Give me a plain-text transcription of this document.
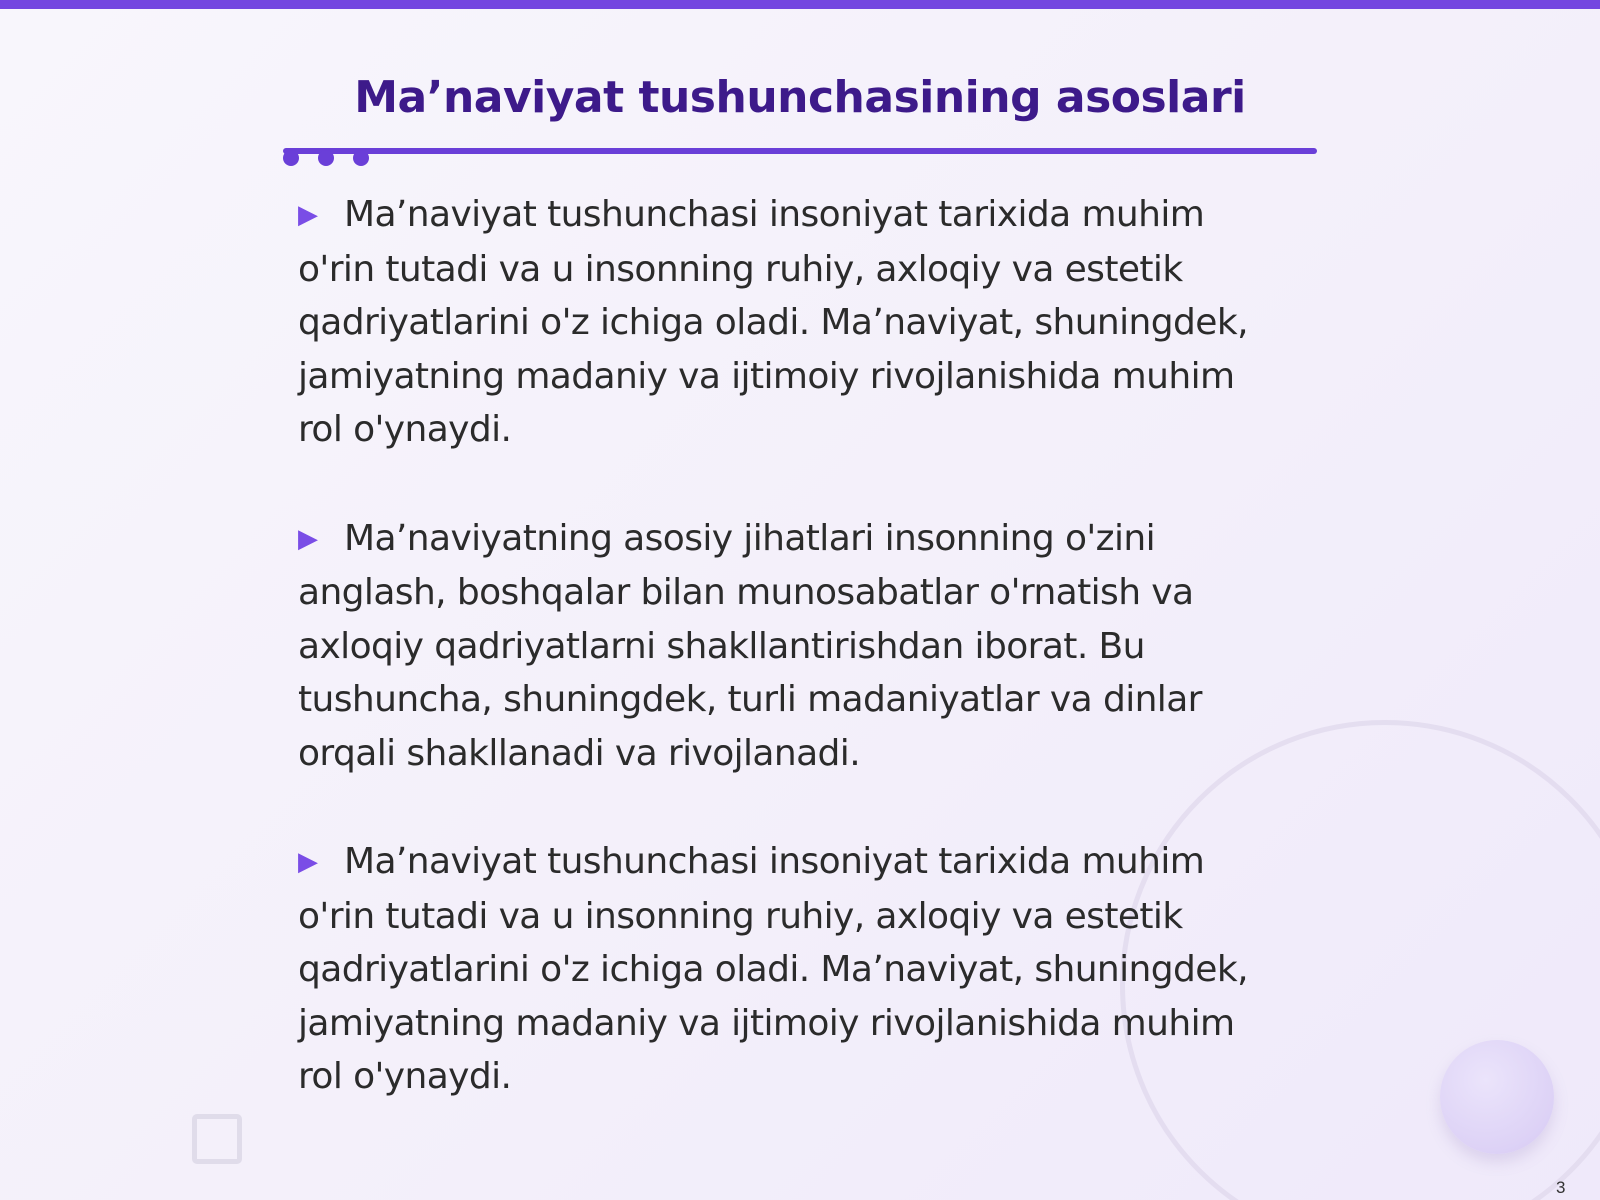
Ma’naviyat tushunchasining asoslari
▶ Ma’naviyat tushunchasi insoniyat tarixida muhim o'rin tutadi va u insonning ruhiy, axloqiy va estetik qadriyatlarini o'z ichiga oladi. Ma’naviyat, shuningdek, jamiyatning madaniy va ijtimoiy rivojlanishida muhim rol o'ynaydi.
▶ Ma’naviyatning asosiy jihatlari insonning o'zini anglash, boshqalar bilan munosabatlar o'rnatish va axloqiy qadriyatlarni shakllantirishdan iborat. Bu tushuncha, shuningdek, turli madaniyatlar va dinlar orqali shakllanadi va rivojlanadi.
▶ Ma’naviyat tushunchasi insoniyat tarixida muhim o'rin tutadi va u insonning ruhiy, axloqiy va estetik qadriyatlarini o'z ichiga oladi. Ma’naviyat, shuningdek, jamiyatning madaniy va ijtimoiy rivojlanishida muhim rol o'ynaydi.
3
